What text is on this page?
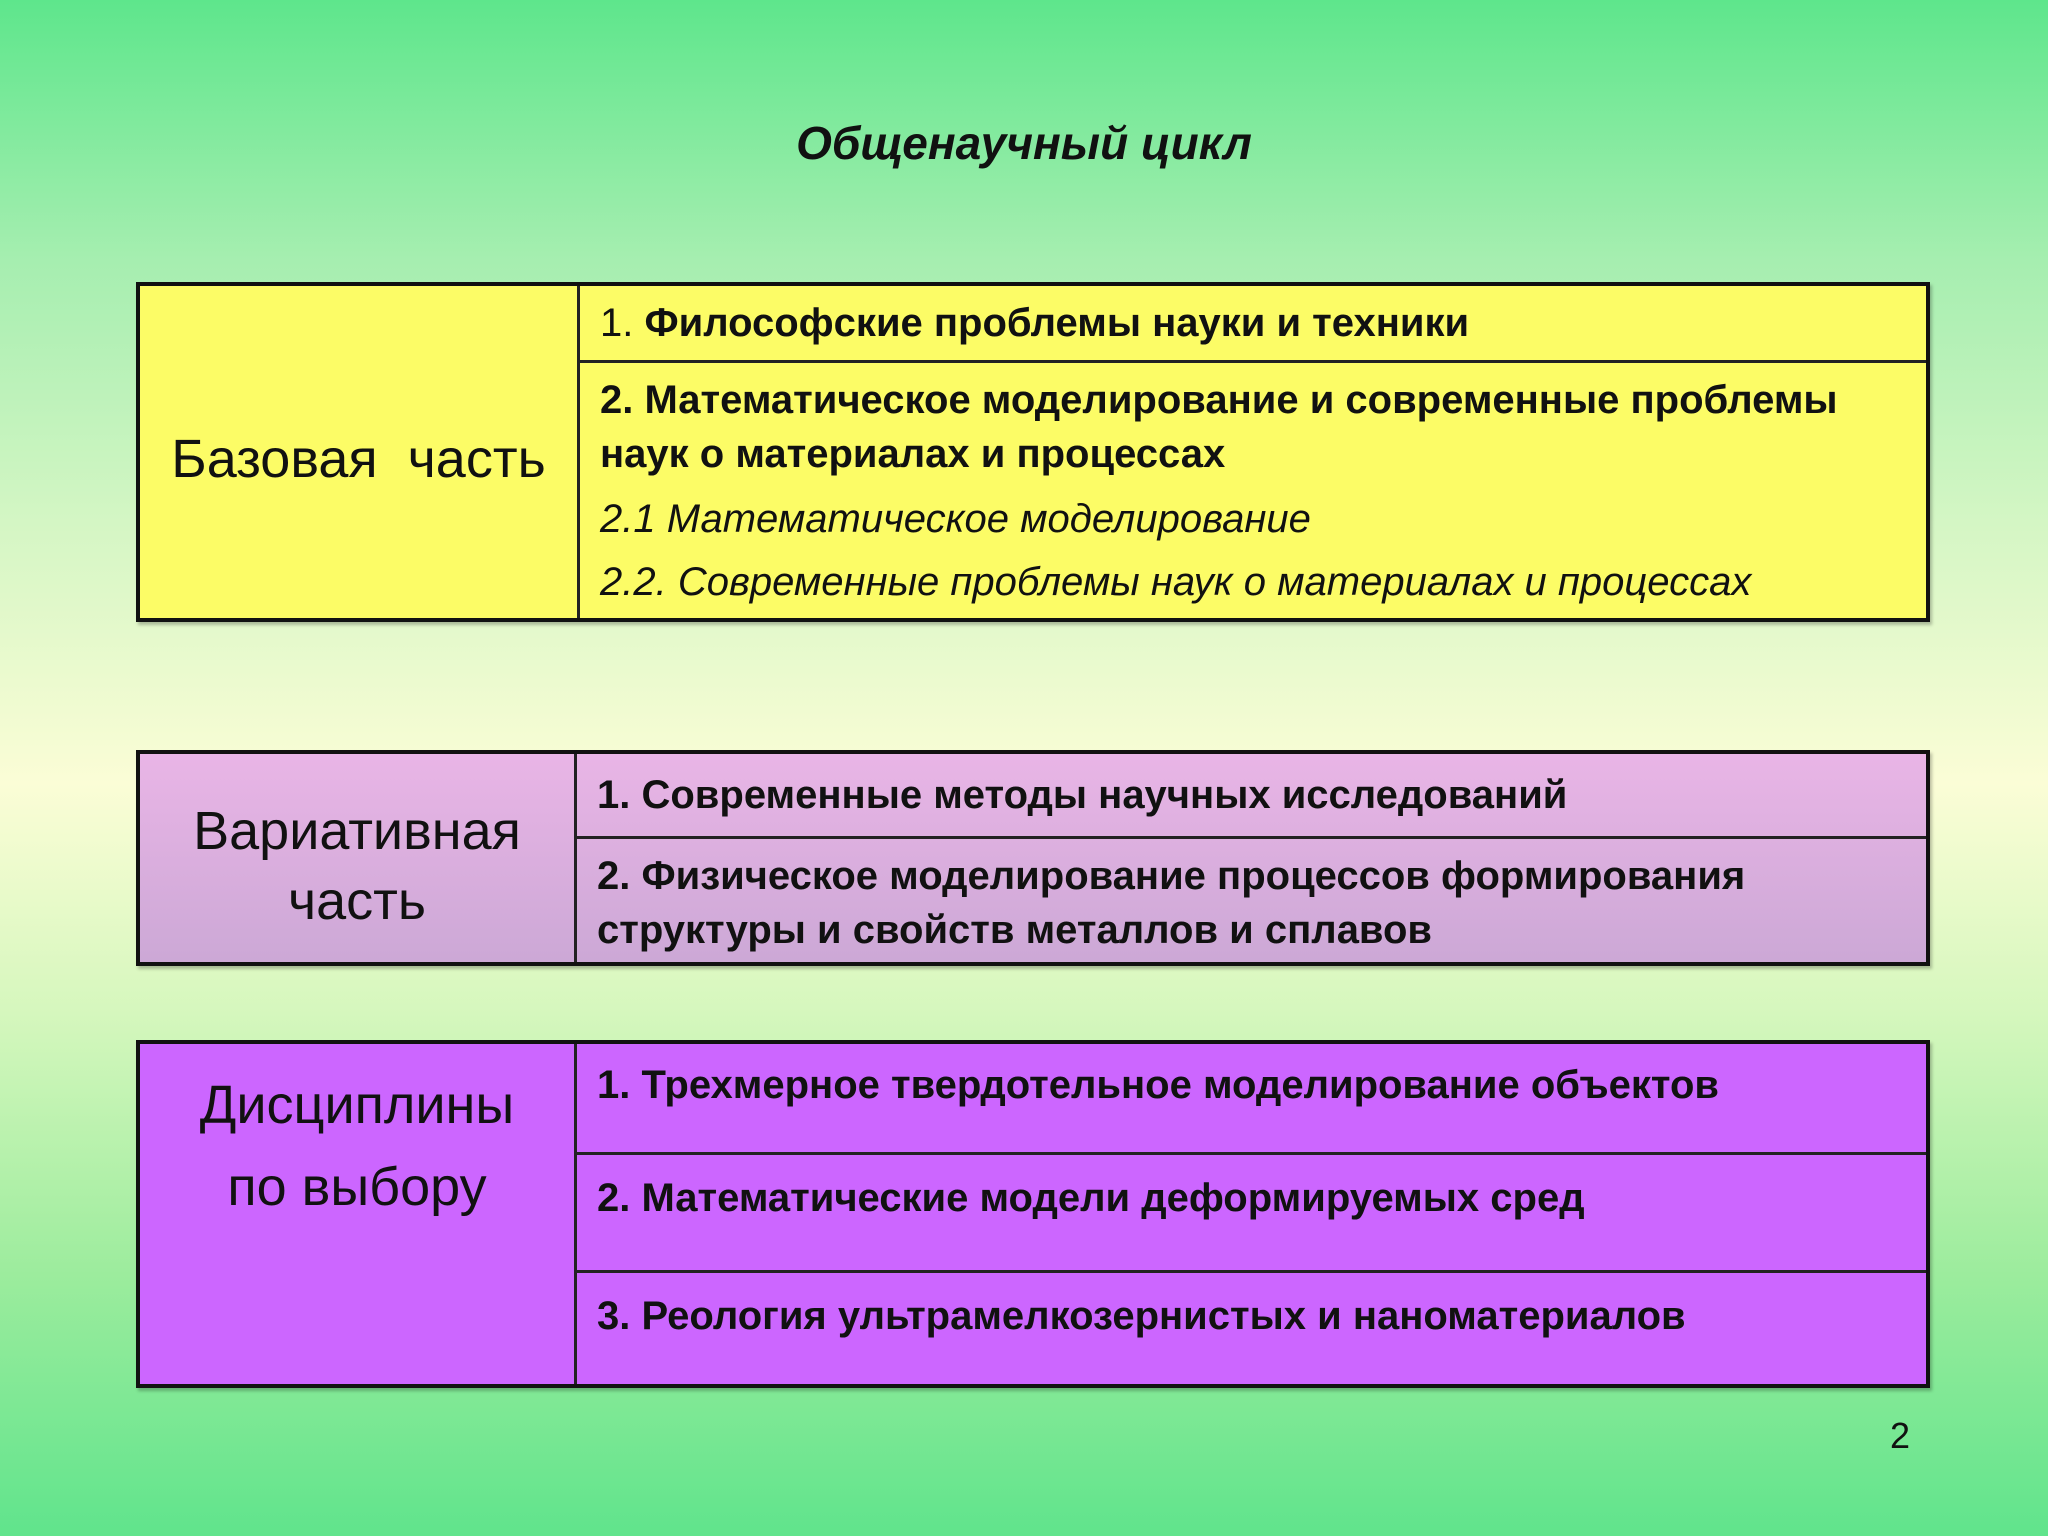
Общенаучный цикл
Базовая  часть
1. Философские проблемы науки и техники
2. Математическое моделирование и современные проблемы наук о материалах и процессах
2.1 Математическое моделирование
2.2. Современные проблемы наук о материалах и процессах
Вариативная
часть
1. Современные методы научных исследований
2. Физическое моделирование процессов формирования структуры и свойств металлов и сплавов
Дисциплины
по выбору
1. Трехмерное твердотельное моделирование объектов
2. Математические модели деформируемых сред
3. Реология ультрамелкозернистых и наноматериалов
2
